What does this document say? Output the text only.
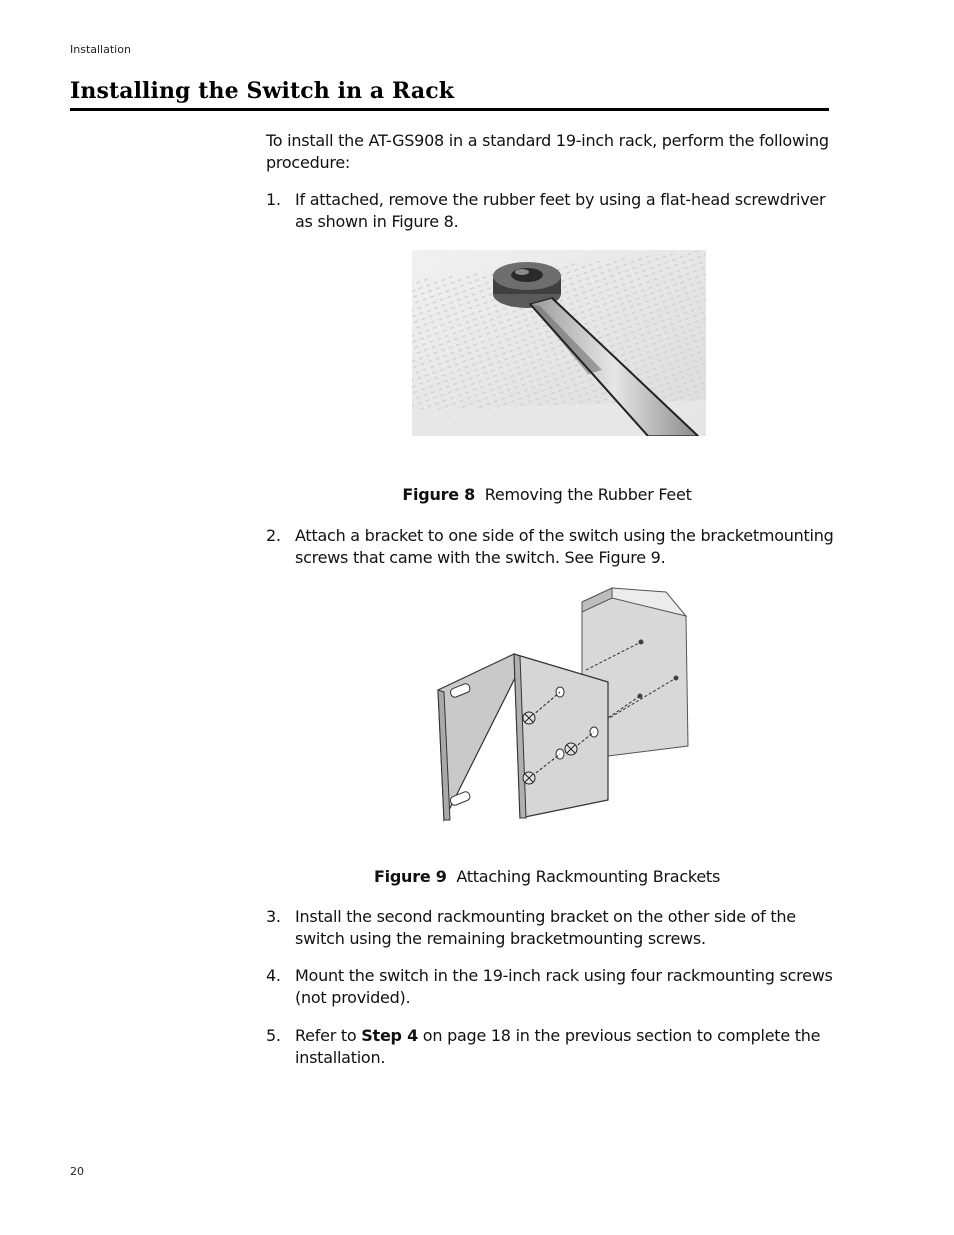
Installation
Installing the Switch in a Rack
To install the AT-GS908 in a standard 19-inch rack, perform the following procedure:
1. If attached, remove the rubber feet by using a flat-head screwdriver as shown in Figure 8.
Figure 8 Removing the Rubber Feet
2. Attach a bracket to one side of the switch using the bracketmounting screws that came with the switch. See Figure 9.
Figure 9 Attaching Rackmounting Brackets
3. Install the second rackmounting bracket on the other side of the switch using the remaining bracketmounting screws.
4. Mount the switch in the 19-inch rack using four rackmounting screws (not provided).
5. Refer to Step 4 on page 18 in the previous section to complete the installation.
20
